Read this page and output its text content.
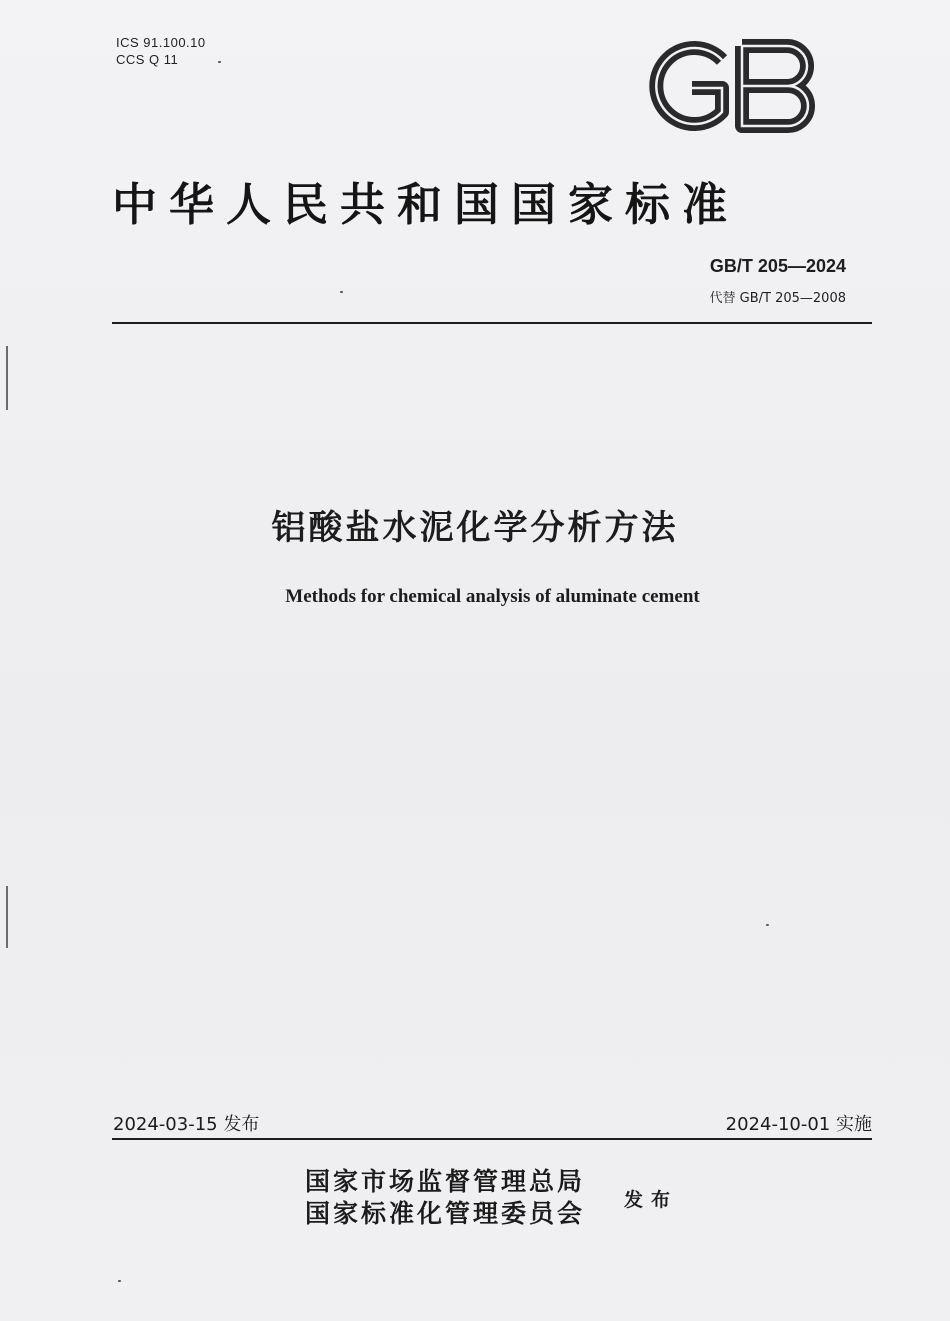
ICS 91.100.10
CCS Q 11
中华人民共和国国家标准
GB/T 205—2024
代替 GB/T 205—2008
铝酸盐水泥化学分析方法
Methods for chemical analysis of aluminate cement
2024-03-15 发布	2024-10-01 实施
国家市场监督管理总局
国家标准化管理委员会 发布
